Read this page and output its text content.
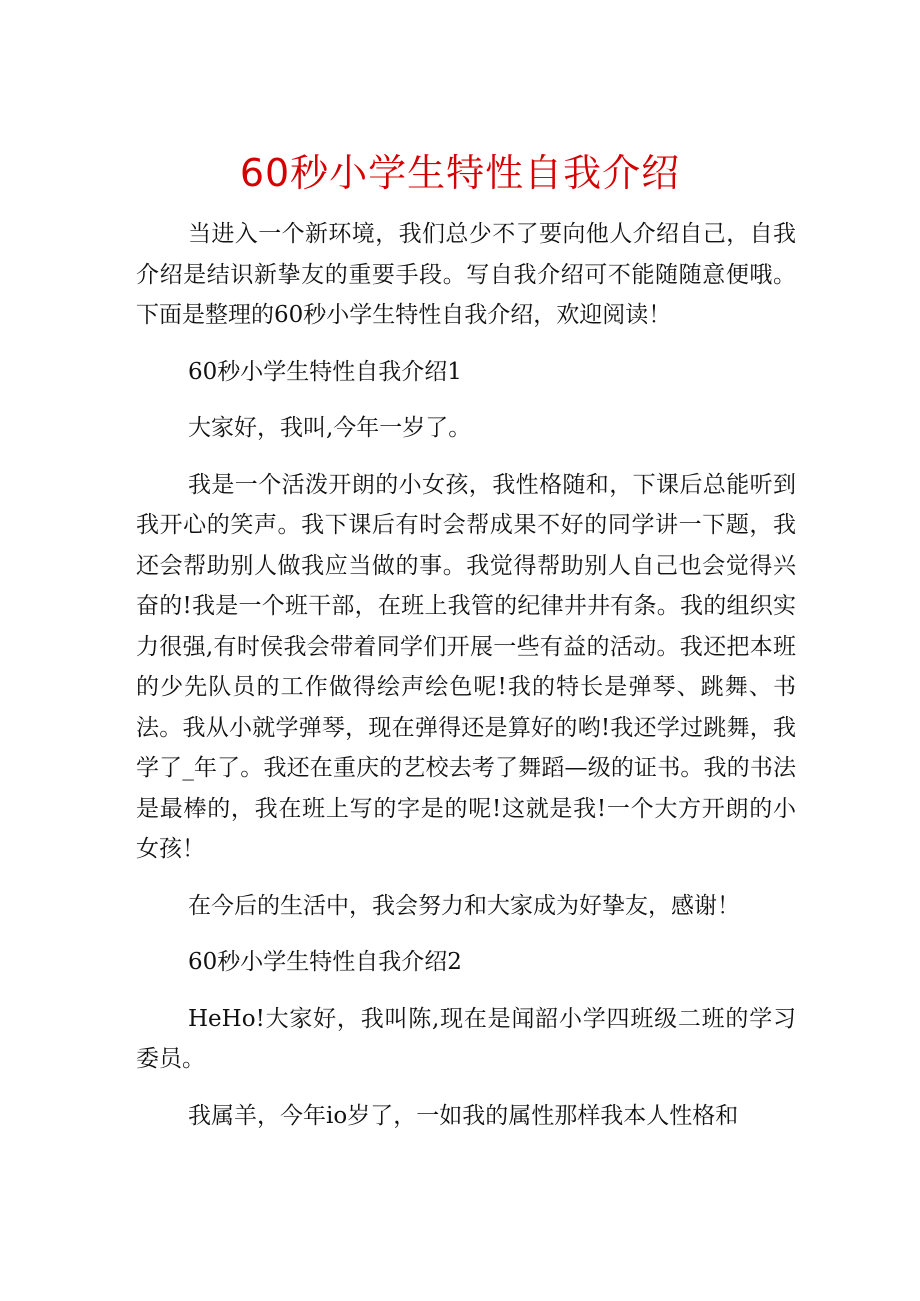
60秒小学生特性自我介绍

当进入一个新环境，我们总少不了要向他人介绍自己，自我介绍是结识新挚友的重要手段。写自我介绍可不能随随意便哦。下面是整理的60秒小学生特性自我介绍，欢迎阅读！

60秒小学生特性自我介绍1

大家好，我叫,今年一岁了。

我是一个活泼开朗的小女孩，我性格随和，下课后总能听到我开心的笑声。我下课后有时会帮成果不好的同学讲一下题，我还会帮助别人做我应当做的事。我觉得帮助别人自己也会觉得兴奋的!我是一个班干部，在班上我管的纪律井井有条。我的组织实力很强,有时侯我会带着同学们开展一些有益的活动。我还把本班的少先队员的工作做得绘声绘色呢!我的特长是弹琴、跳舞、书法。我从小就学弹琴，现在弹得还是算好的哟!我还学过跳舞，我学了_年了。我还在重庆的艺校去考了舞蹈—级的证书。我的书法是最棒的，我在班上写的字是的呢!这就是我!一个大方开朗的小女孩！

在今后的生活中，我会努力和大家成为好挚友，感谢！

60秒小学生特性自我介绍2

HeHo!大家好，我叫陈,现在是闻韶小学四班级二班的学习委员。

我属羊，今年io岁了，一如我的属性那样我本人性格和
